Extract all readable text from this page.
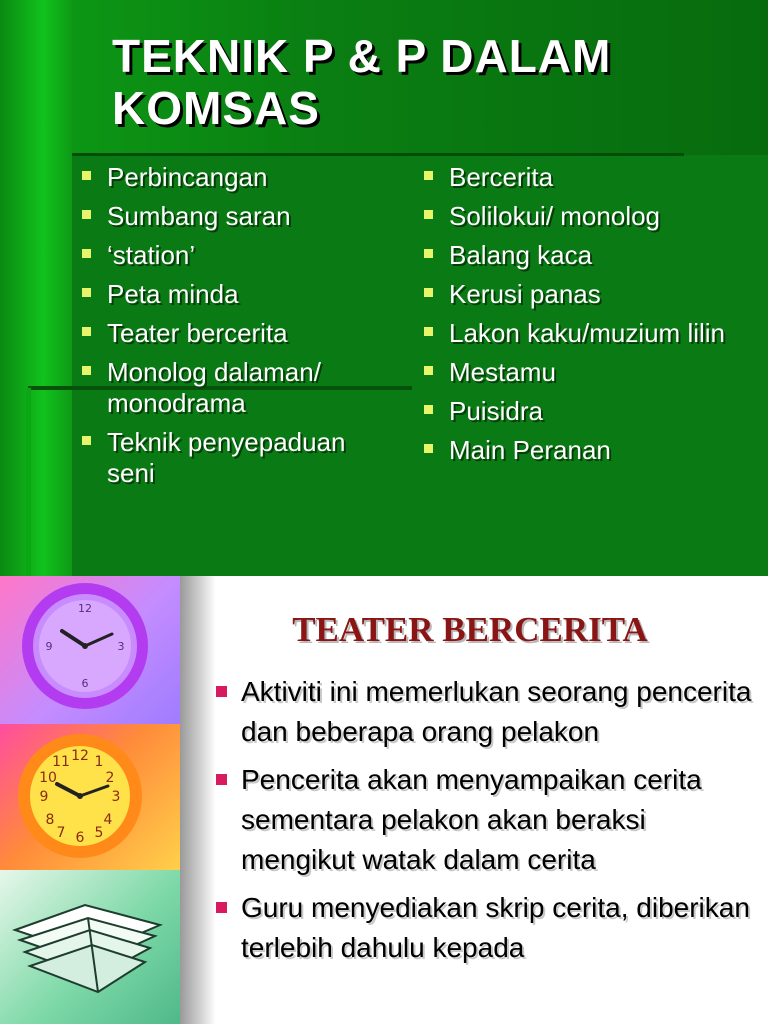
TEKNIK P & P DALAM KOMSAS
Perbincangan
Sumbang saran
‘station’
Peta minda
Teater bercerita
Monolog dalaman/ monodrama
Teknik penyepaduan seni
Bercerita
Solilokui/ monolog
Balang kaca
Kerusi panas
Lakon kaku/muzium lilin
Mestamu
Puisidra
Main Peranan
12
3
6
9
12
3
6
9
11 1
2
10
4
5
7
8
TEATER BERCERITA
Aktiviti ini memerlukan seorang pencerita dan beberapa orang pelakon
Pencerita akan menyampaikan cerita sementara pelakon akan beraksi mengikut watak dalam cerita
Guru menyediakan skrip cerita, diberikan terlebih dahulu kepada
